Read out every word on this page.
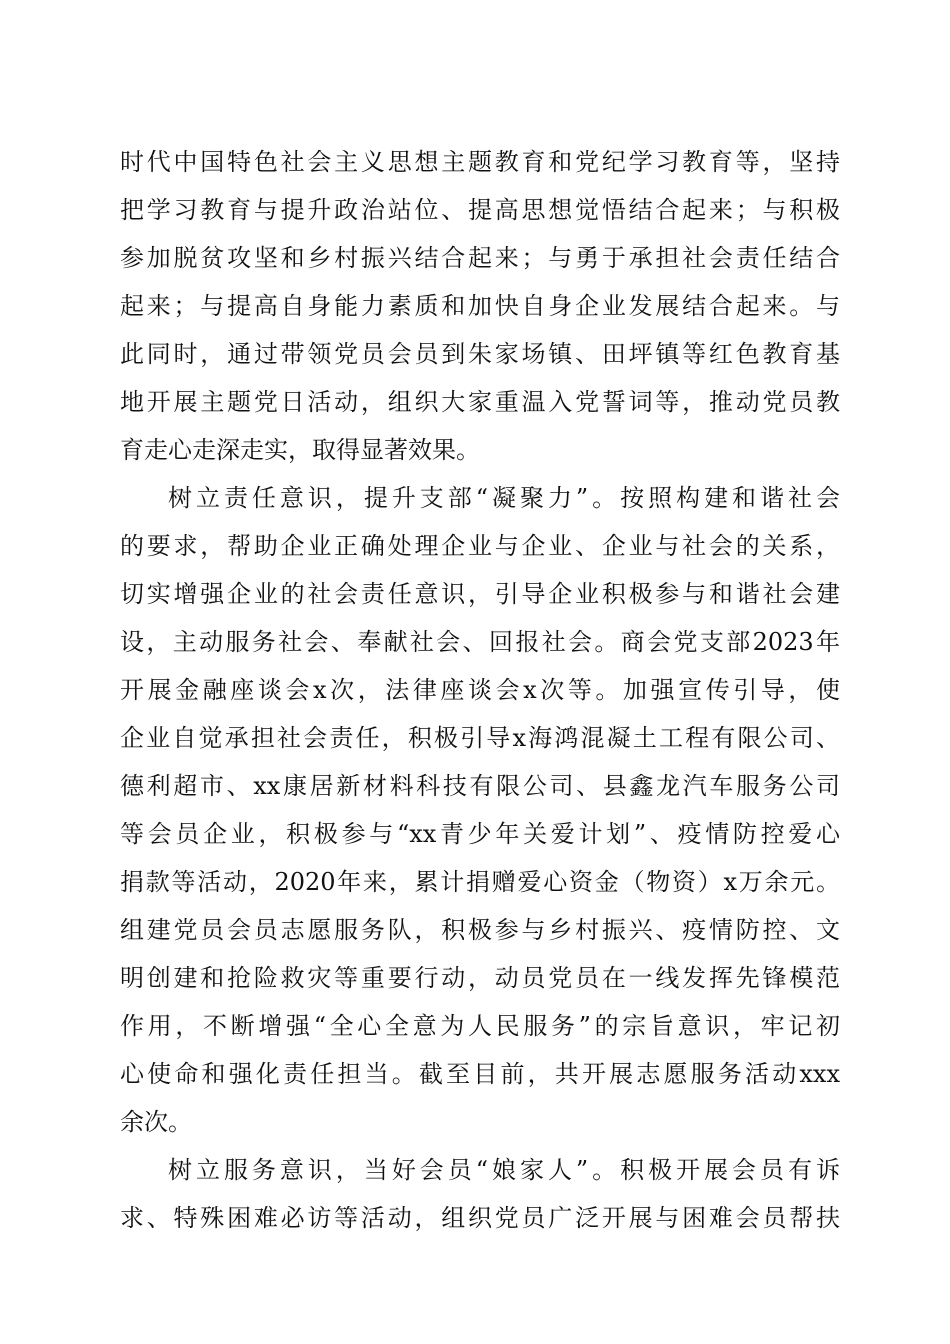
时代中国特色社会主义思想主题教育和党纪学习教育等，坚持
把学习教育与提升政治站位、提高思想觉悟结合起来；与积极
参加脱贫攻坚和乡村振兴结合起来；与勇于承担社会责任结合
起来；与提高自身能力素质和加快自身企业发展结合起来。与
此同时，通过带领党员会员到朱家场镇、田坪镇等红色教育基
地开展主题党日活动，组织大家重温入党誓词等，推动党员教
育走心走深走实，取得显著效果。
树立责任意识，提升支部“凝聚力”。按照构建和谐社会
的要求，帮助企业正确处理企业与企业、企业与社会的关系，
切实增强企业的社会责任意识，引导企业积极参与和谐社会建
设，主动服务社会、奉献社会、回报社会。商会党支部2023年
开展金融座谈会x次，法律座谈会x次等。加强宣传引导，使
企业自觉承担社会责任，积极引导x海鸿混凝土工程有限公司、
德利超市、xx康居新材料科技有限公司、县鑫龙汽车服务公司
等会员企业，积极参与“xx青少年关爱计划”、疫情防控爱心
捐款等活动，2020年来，累计捐赠爱心资金（物资）x万余元。
组建党员会员志愿服务队，积极参与乡村振兴、疫情防控、文
明创建和抢险救灾等重要行动，动员党员在一线发挥先锋模范
作用，不断增强“全心全意为人民服务”的宗旨意识，牢记初
心使命和强化责任担当。截至目前，共开展志愿服务活动xxx
余次。
树立服务意识，当好会员“娘家人”。积极开展会员有诉
求、特殊困难必访等活动，组织党员广泛开展与困难会员帮扶
